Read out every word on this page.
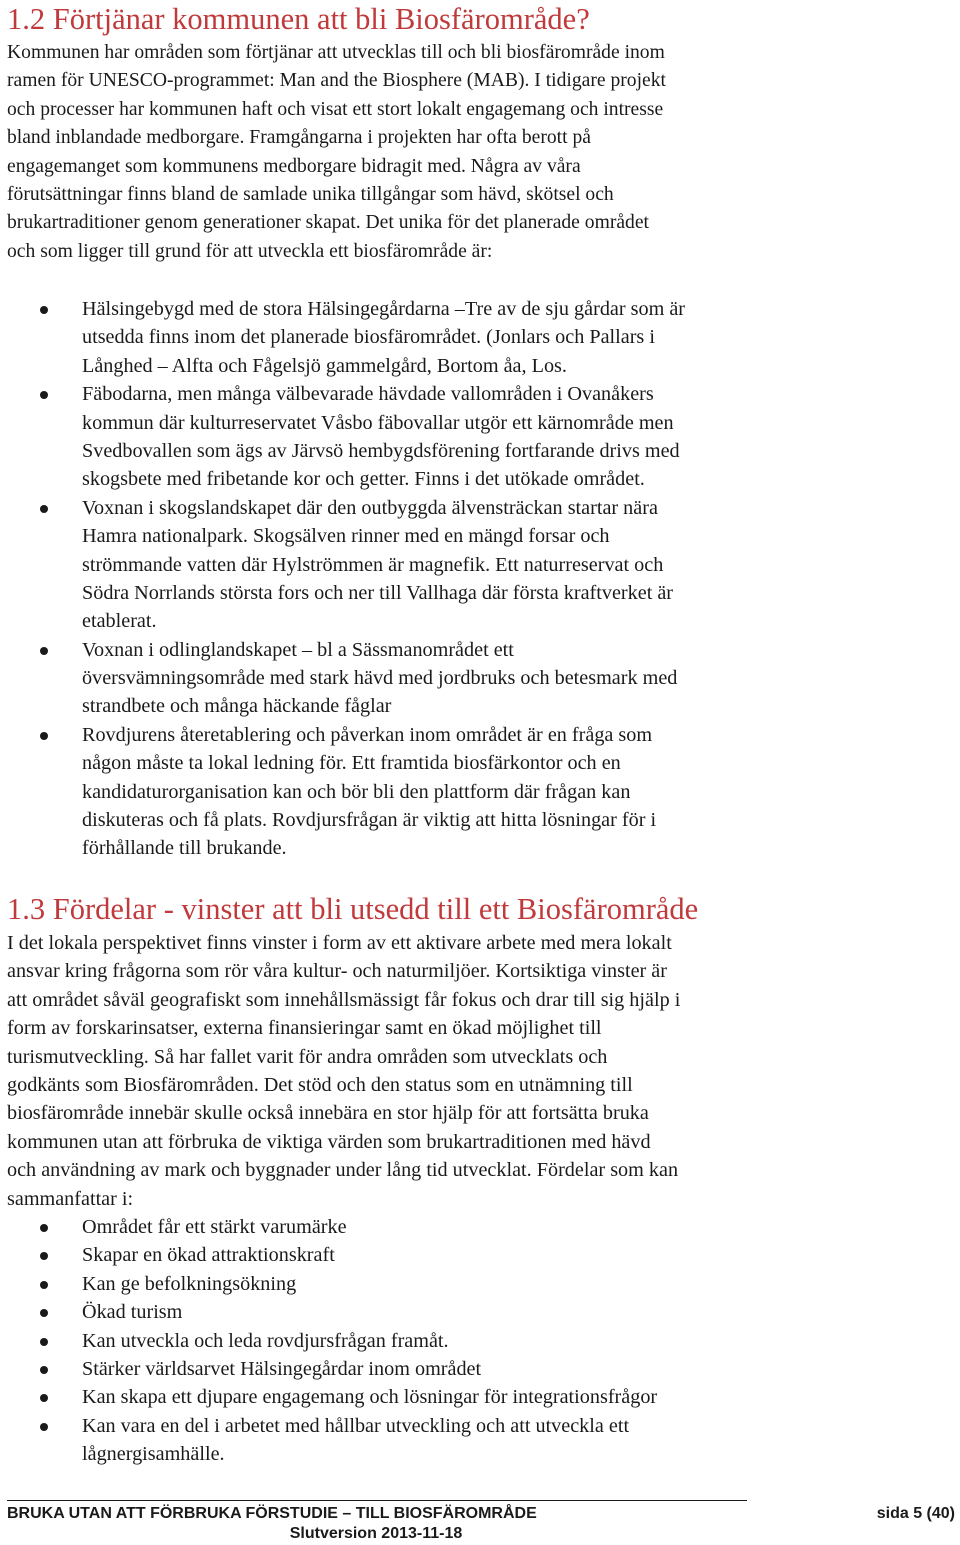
1.2 Förtjänar kommunen att bli Biosfärområde?
Kommunen har områden som förtjänar att utvecklas till och bli biosfärområde inom
ramen för UNESCO-programmet: Man and the Biosphere (MAB). I tidigare projekt
och processer har kommunen haft och visat ett stort lokalt engagemang och intresse
bland inblandade medborgare. Framgångarna i projekten har ofta berott på
engagemanget som kommunens medborgare bidragit med. Några av våra
förutsättningar finns bland de samlade unika tillgångar som hävd, skötsel och
brukartraditioner genom generationer skapat. Det unika för det planerade området
och som ligger till grund för att utveckla ett biosfärområde är:
Hälsingebygd med de stora Hälsingegårdarna –Tre av de sju gårdar som är
utsedda finns inom det planerade biosfärområdet. (Jonlars och Pallars i
Långhed – Alfta och Fågelsjö gammelgård, Bortom åa, Los.
Fäbodarna, men många välbevarade hävdade vallområden i Ovanåkers
kommun där kulturreservatet Våsbo fäbovallar utgör ett kärnområde men
Svedbovallen som ägs av Järvsö hembygdsförening fortfarande drivs med
skogsbete med fribetande kor och getter. Finns i det utökade området.
Voxnan i skogslandskapet där den outbyggda älvensträckan startar nära
Hamra nationalpark. Skogsälven rinner med en mängd forsar och
strömmande vatten där Hylströmmen är magnefik. Ett naturreservat och
Södra Norrlands största fors och ner till Vallhaga där första kraftverket är
etablerat.
Voxnan i odlinglandskapet – bl a Sässmanområdet ett
översvämningsområde med stark hävd med jordbruks och betesmark med
strandbete och många häckande fåglar
Rovdjurens återetablering och påverkan inom området är en fråga som
någon måste ta lokal ledning för. Ett framtida biosfärkontor och en
kandidaturorganisation kan och bör bli den plattform där frågan kan
diskuteras och få plats. Rovdjursfrågan är viktig att hitta lösningar för i
förhållande till brukande.
1.3 Fördelar - vinster att bli utsedd till ett Biosfärområde
I det lokala perspektivet finns vinster i form av ett aktivare arbete med mera lokalt
ansvar kring frågorna som rör våra kultur- och naturmiljöer. Kortsiktiga vinster är
att området såväl geografiskt som innehållsmässigt får fokus och drar till sig hjälp i
form av forskarinsatser, externa finansieringar samt en ökad möjlighet till
turismutveckling. Så har fallet varit för andra områden som utvecklats och
godkänts som Biosfärområden. Det stöd och den status som en utnämning till
biosfärområde innebär skulle också innebära en stor hjälp för att fortsätta bruka
kommunen utan att förbruka de viktiga värden som brukartraditionen med hävd
och användning av mark och byggnader under lång tid utvecklat. Fördelar som kan
sammanfattar i:
Området får ett stärkt varumärke
Skapar en ökad attraktionskraft
Kan ge befolkningsökning
Ökad turism
Kan utveckla och leda rovdjursfrågan framåt.
Stärker världsarvet Hälsingegårdar inom området
Kan skapa ett djupare engagemang och lösningar för integrationsfrågor
Kan vara en del i arbetet med hållbar utveckling och att utveckla ett
lågnergisamhälle.

BRUKA UTAN ATT FÖRBRUKA FÖRSTUDIE – TILL BIOSFÄROMRÅDE	sida 5 (40)

Slutversion 2013-11-18
